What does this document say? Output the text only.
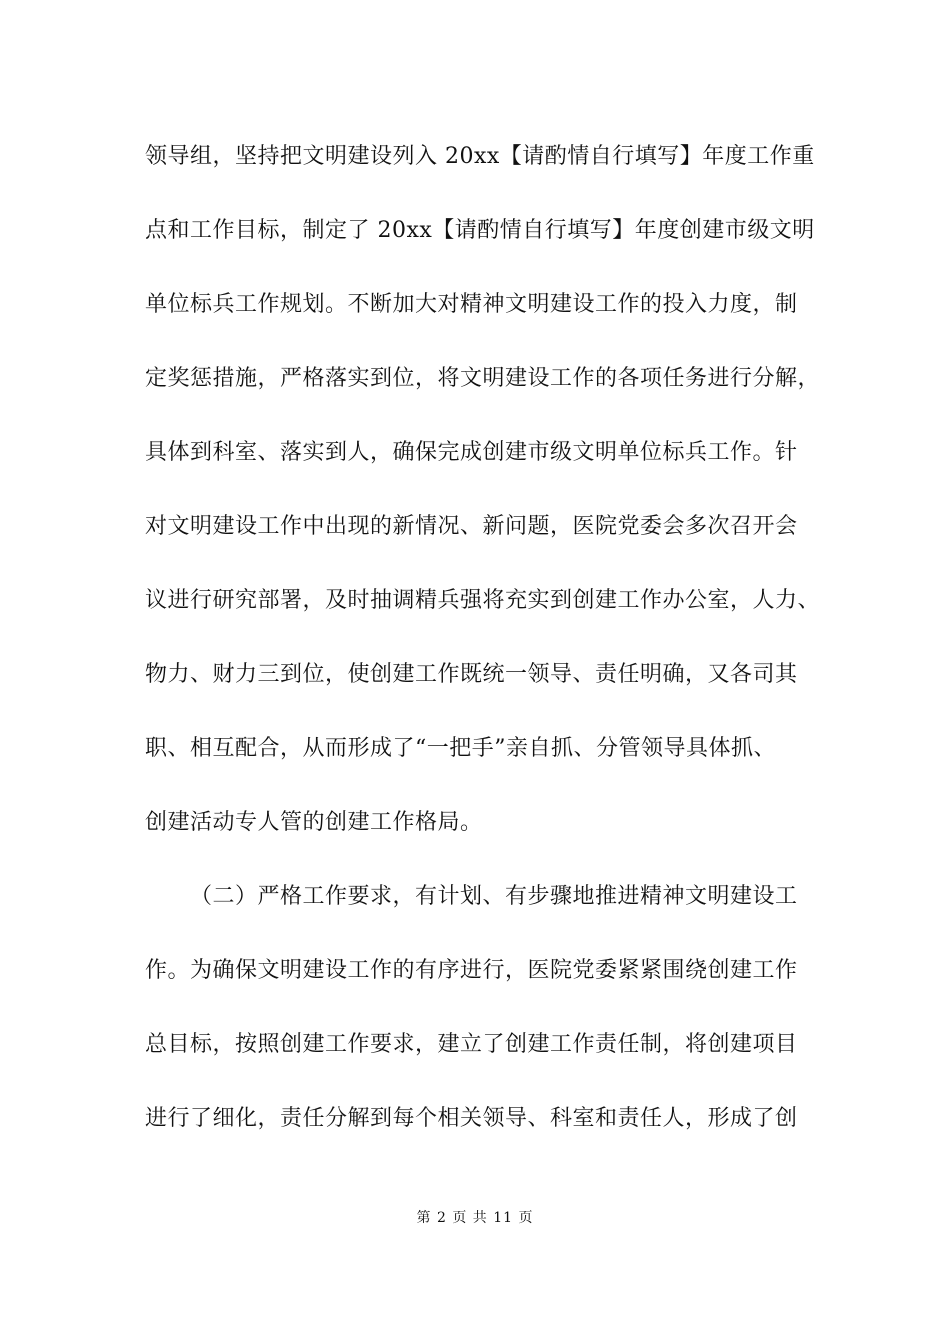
领导组，坚持把文明建设列入 20xx【请酌情自行填写】年度工作重
点和工作目标，制定了 20xx【请酌情自行填写】年度创建市级文明
单位标兵工作规划。不断加大对精神文明建设工作的投入力度，制
定奖惩措施，严格落实到位，将文明建设工作的各项任务进行分解，
具体到科室、落实到人，确保完成创建市级文明单位标兵工作。针
对文明建设工作中出现的新情况、新问题，医院党委会多次召开会
议进行研究部署，及时抽调精兵强将充实到创建工作办公室，人力、
物力、财力三到位，使创建工作既统一领导、责任明确，又各司其
职、相互配合，从而形成了“一把手”亲自抓、分管领导具体抓、
创建活动专人管的创建工作格局。
（二）严格工作要求，有计划、有步骤地推进精神文明建设工
作。为确保文明建设工作的有序进行，医院党委紧紧围绕创建工作
总目标，按照创建工作要求，建立了创建工作责任制，将创建项目
进行了细化，责任分解到每个相关领导、科室和责任人，形成了创
第 2 页 共 11 页
